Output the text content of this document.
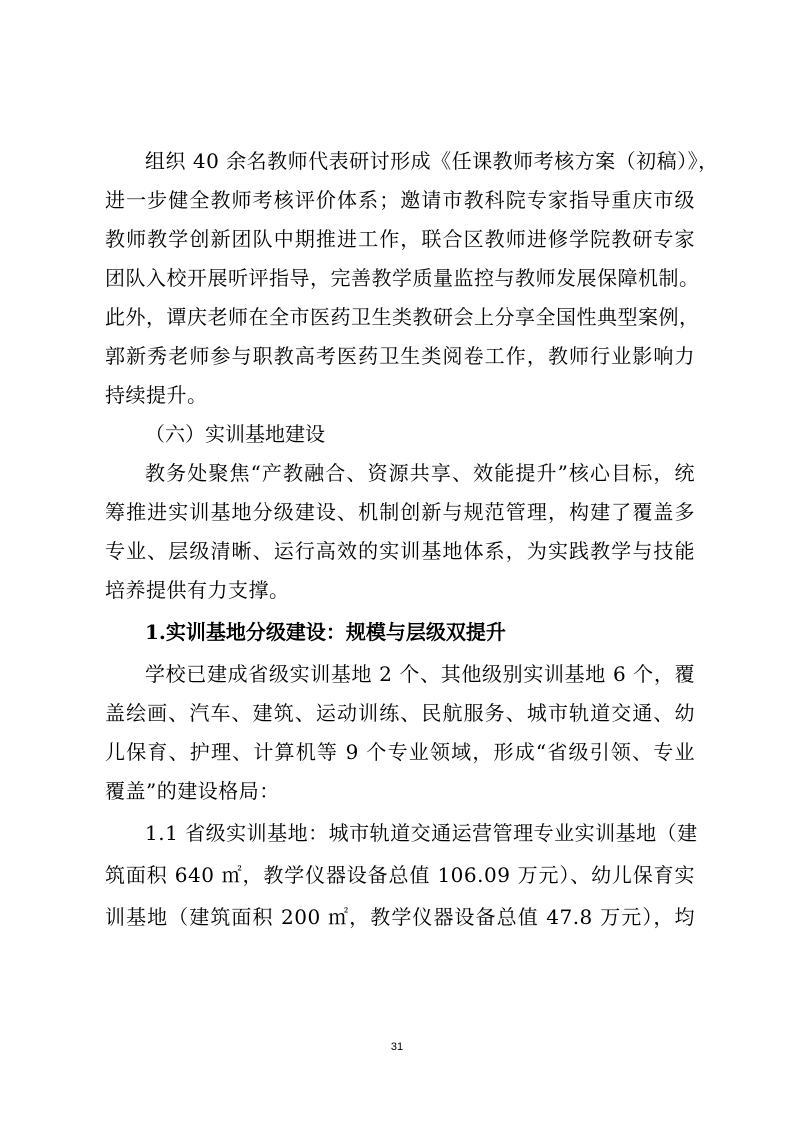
组织 40 余名教师代表研讨形成《任课教师考核方案（初稿）》，
进一步健全教师考核评价体系；邀请市教科院专家指导重庆市级
教师教学创新团队中期推进工作，联合区教师进修学院教研专家
团队入校开展听评指导，完善教学质量监控与教师发展保障机制。
此外，谭庆老师在全市医药卫生类教研会上分享全国性典型案例，
郭新秀老师参与职教高考医药卫生类阅卷工作，教师行业影响力
持续提升。
（六）实训基地建设
教务处聚焦“产教融合、资源共享、效能提升”核心目标，统
筹推进实训基地分级建设、机制创新与规范管理，构建了覆盖多
专业、层级清晰、运行高效的实训基地体系，为实践教学与技能
培养提供有力支撑。
1.实训基地分级建设：规模与层级双提升
学校已建成省级实训基地 2 个、其他级别实训基地 6 个，覆
盖绘画、汽车、建筑、运动训练、民航服务、城市轨道交通、幼
儿保育、护理、计算机等 9 个专业领域，形成“省级引领、专业
覆盖”的建设格局：
1.1 省级实训基地：城市轨道交通运营管理专业实训基地（建
筑面积 640 ㎡，教学仪器设备总值 106.09 万元）、幼儿保育实
训基地（建筑面积 200 ㎡，教学仪器设备总值 47.8 万元），均
31
